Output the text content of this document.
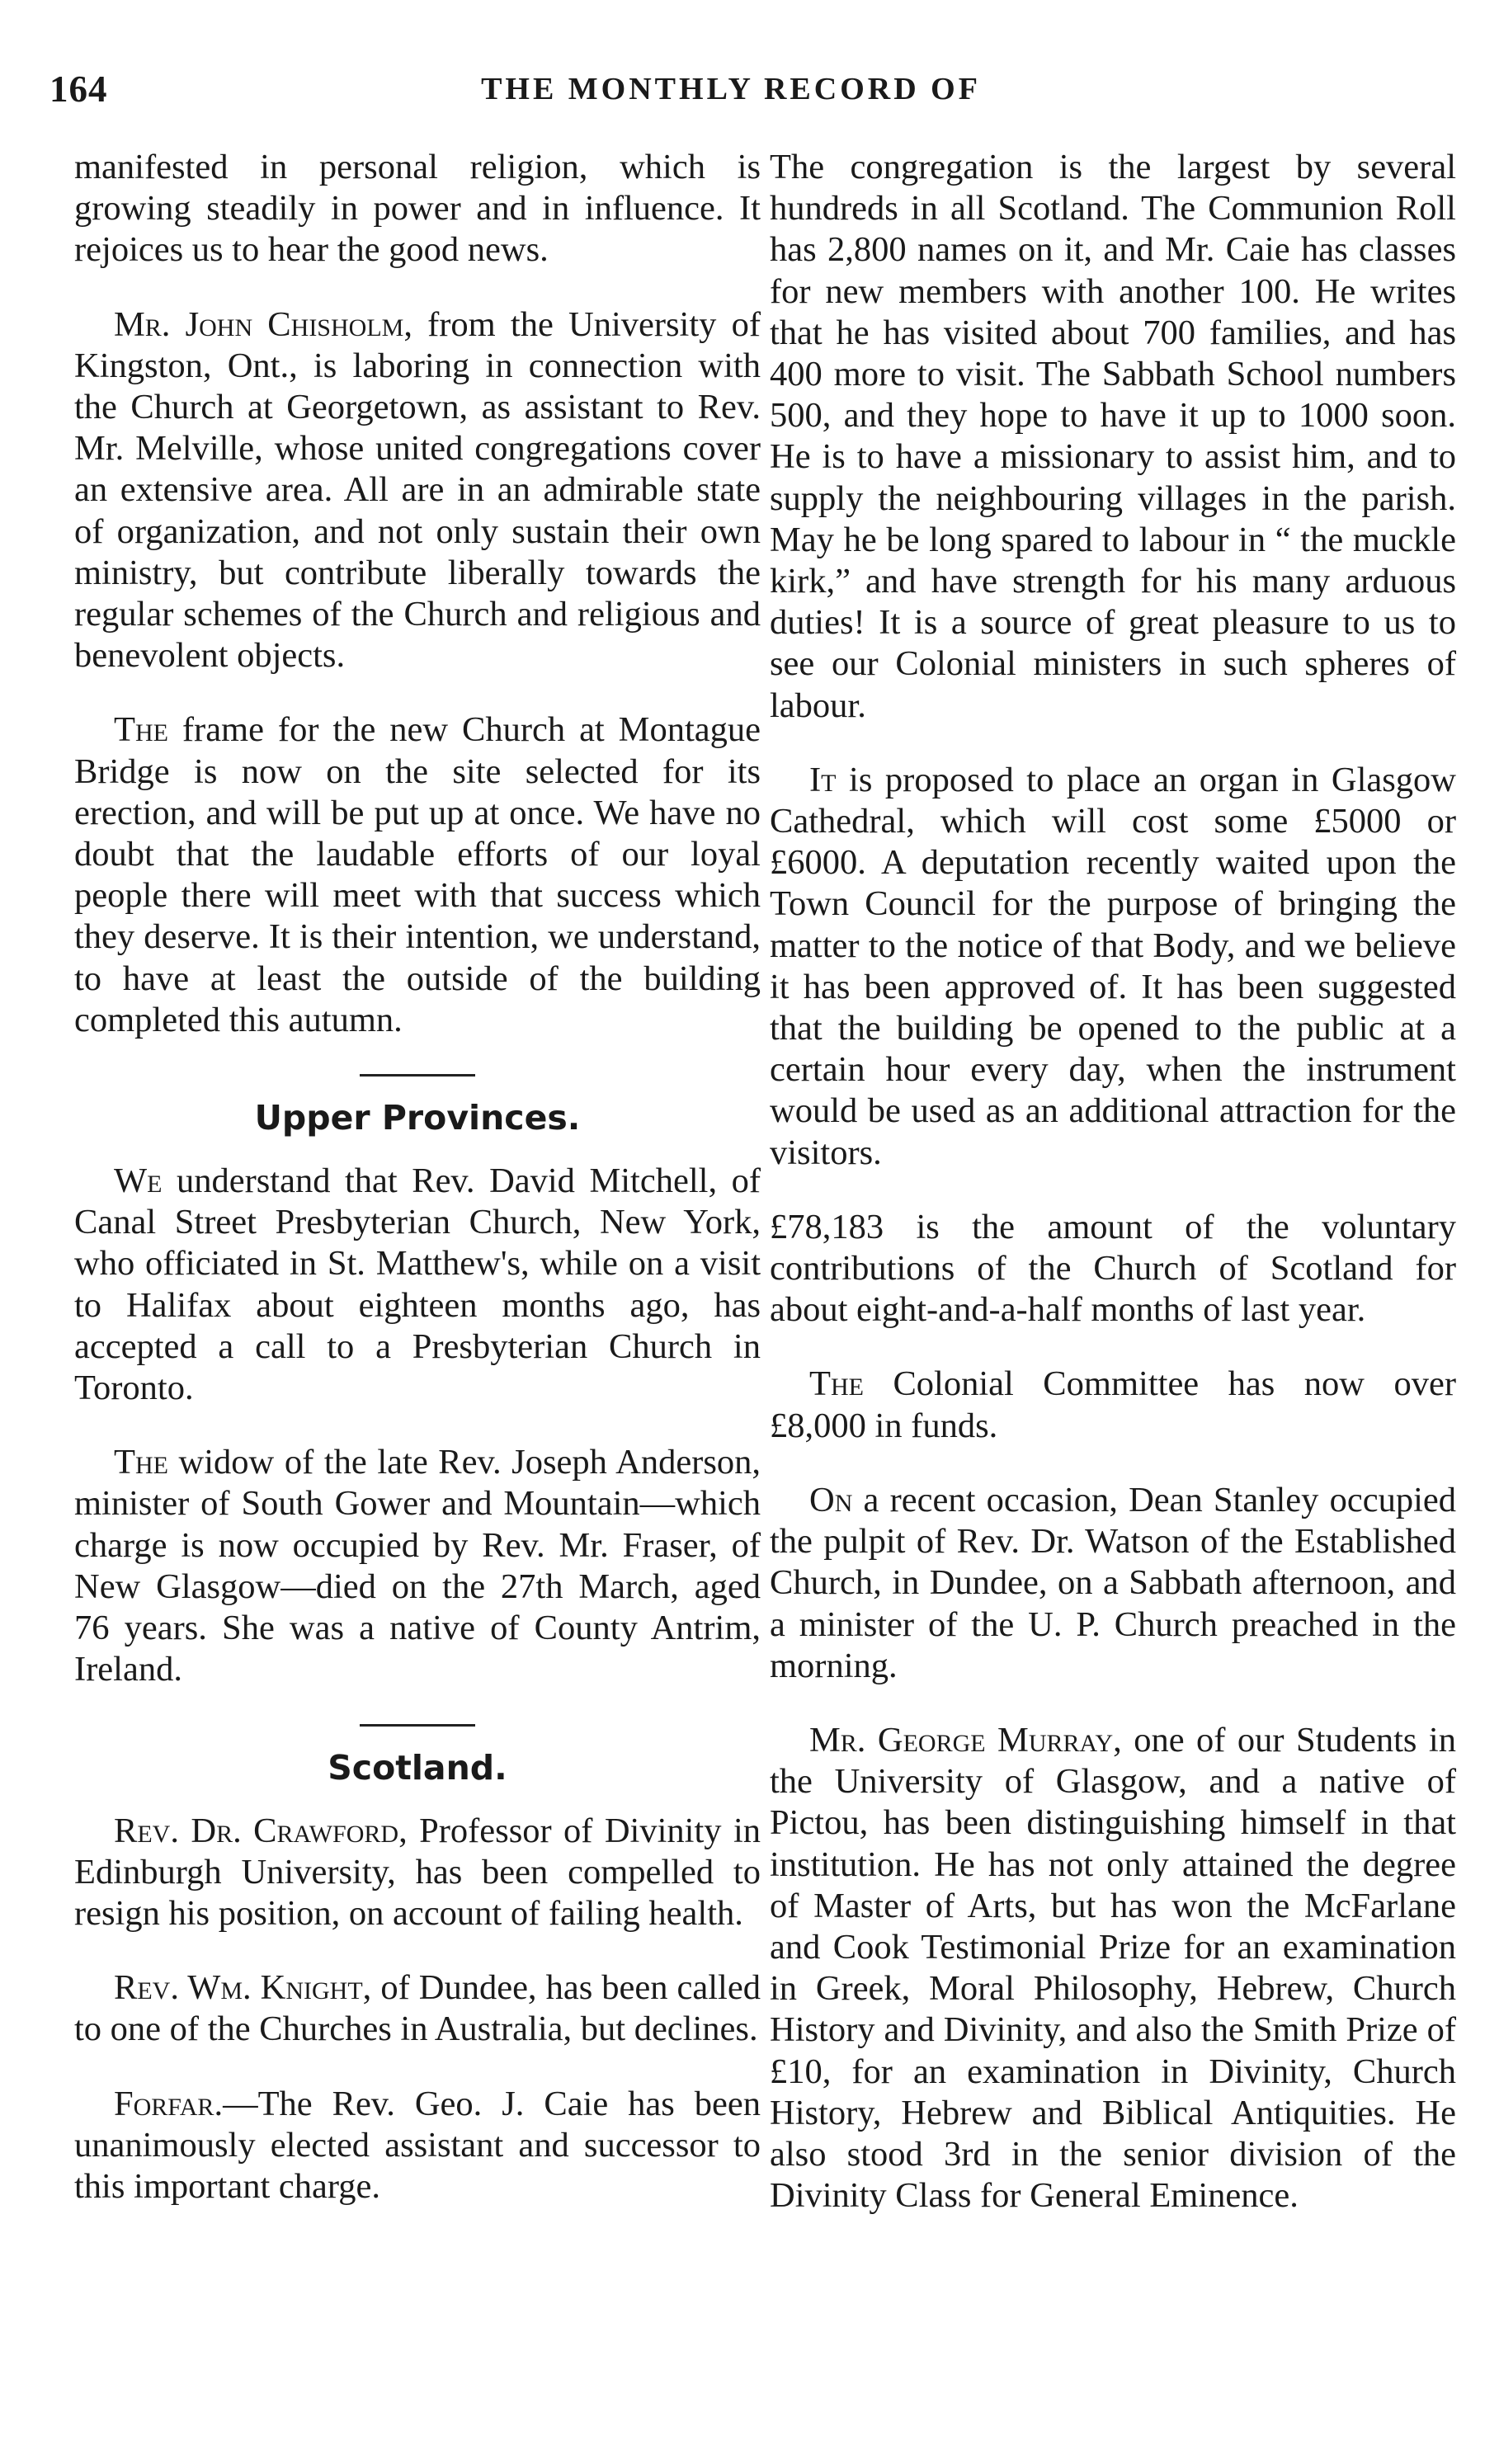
164	THE MONTHLY RECORD OF

manifested in personal religion, which is growing steadily in power and in influence. It rejoices us to hear the good news.

Mr. John Chisholm, from the University of Kingston, Ont., is laboring in connection with the Church at Georgetown, as assistant to Rev. Mr. Melville, whose united congregations cover an extensive area. All are in an admirable state of organization, and not only sustain their own ministry, but contribute liberally towards the regular schemes of the Church and religious and benevolent objects.

The frame for the new Church at Montague Bridge is now on the site selected for its erection, and will be put up at once. We have no doubt that the laudable efforts of our loyal people there will meet with that success which they deserve. It is their intention, we understand, to have at least the outside of the building completed this autumn.

Upper Provinces.

We understand that Rev. David Mitchell, of Canal Street Presbyterian Church, New York, who officiated in St. Matthew's, while on a visit to Halifax about eighteen months ago, has accepted a call to a Presbyterian Church in Toronto.

The widow of the late Rev. Joseph Anderson, minister of South Gower and Mountain—which charge is now occupied by Rev. Mr. Fraser, of New Glasgow—died on the 27th March, aged 76 years. She was a native of County Antrim, Ireland.

Scotland.

Rev. Dr. Crawford, Professor of Divinity in Edinburgh University, has been compelled to resign his position, on account of failing health.

Rev. Wm. Knight, of Dundee, has been called to one of the Churches in Australia, but declines.

Forfar.—The Rev. Geo. J. Caie has been unanimously elected assistant and successor to this important charge.

The congregation is the largest by several hundreds in all Scotland. The Communion Roll has 2,800 names on it, and Mr. Caie has classes for new members with another 100. He writes that he has visited about 700 families, and has 400 more to visit. The Sabbath School numbers 500, and they hope to have it up to 1000 soon. He is to have a missionary to assist him, and to supply the neighbouring villages in the parish. May he be long spared to labour in “ the muckle kirk,” and have strength for his many arduous duties! It is a source of great pleasure to us to see our Colonial ministers in such spheres of labour.

It is proposed to place an organ in Glasgow Cathedral, which will cost some £5000 or £6000. A deputation recently waited upon the Town Council for the purpose of bringing the matter to the notice of that Body, and we believe it has been approved of. It has been suggested that the building be opened to the public at a certain hour every day, when the instrument would be used as an additional attraction for the visitors.

£78,183 is the amount of the voluntary contributions of the Church of Scotland for about eight-and-a-half months of last year.

The Colonial Committee has now over £8,000 in funds.

On a recent occasion, Dean Stanley occupied the pulpit of Rev. Dr. Watson of the Established Church, in Dundee, on a Sabbath afternoon, and a minister of the U. P. Church preached in the morning.

Mr. George Murray, one of our Students in the University of Glasgow, and a native of Pictou, has been distinguishing himself in that institution. He has not only attained the degree of Master of Arts, but has won the McFarlane and Cook Testimonial Prize for an examination in Greek, Moral Philosophy, Hebrew, Church History and Divinity, and also the Smith Prize of £10, for an examination in Divinity, Church History, Hebrew and Biblical Antiquities. He also stood 3rd in the senior division of the Divinity Class for General Eminence.
